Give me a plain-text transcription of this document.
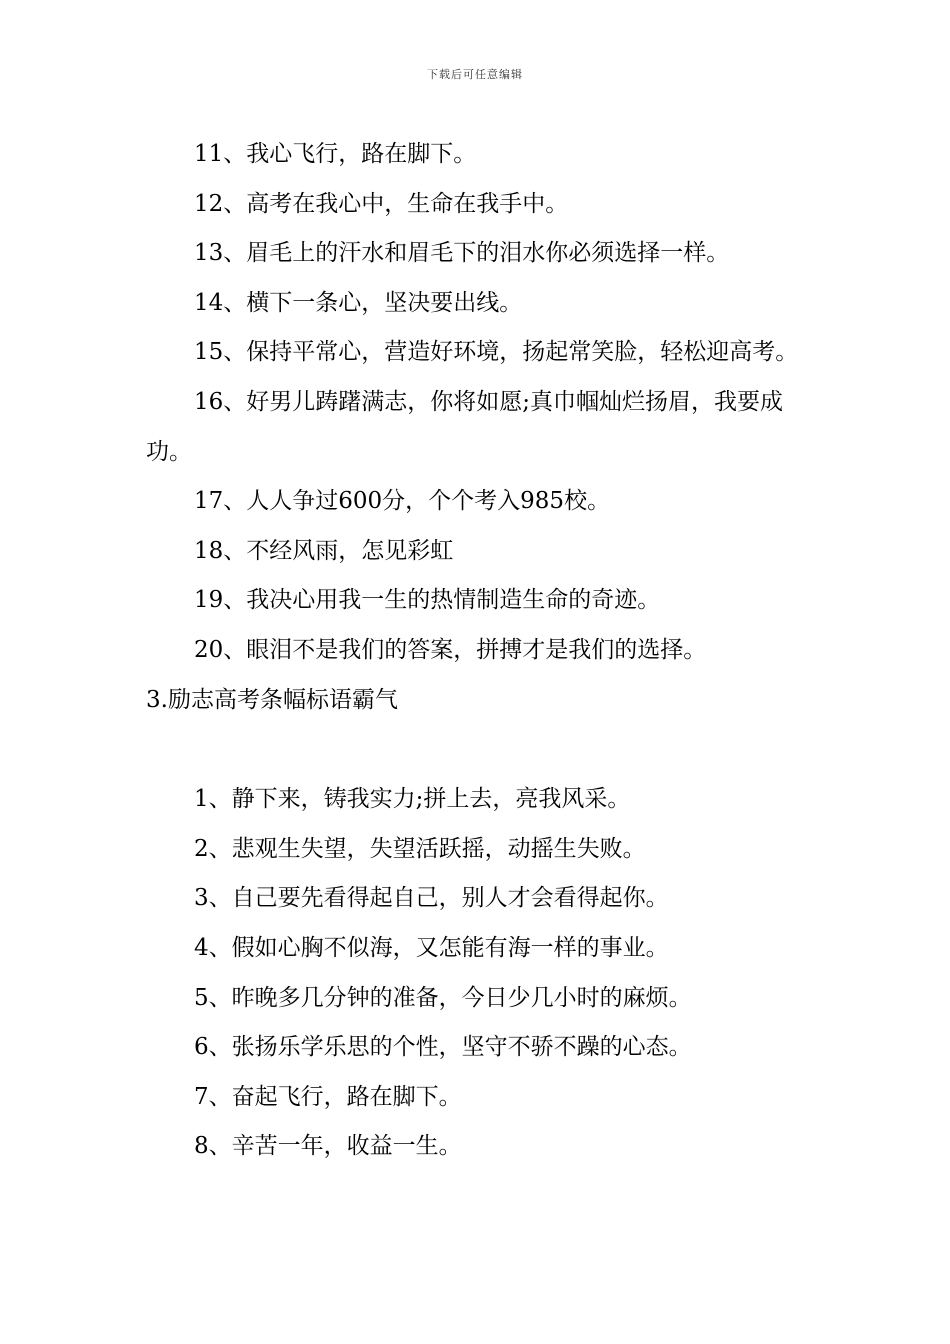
下载后可任意编辑

11、我心飞行，路在脚下。

12、高考在我心中，生命在我手中。

13、眉毛上的汗水和眉毛下的泪水你必须选择一样。

14、横下一条心，坚决要出线。

15、保持平常心，营造好环境，扬起常笑脸，轻松迎高考。

16、好男儿踌躇满志，你将如愿;真巾帼灿烂扬眉，我要成功。

17、人人争过600分，个个考入985校。

18、不经风雨，怎见彩虹

19、我决心用我一生的热情制造生命的奇迹。

20、眼泪不是我们的答案，拼搏才是我们的选择。

3.励志高考条幅标语霸气

1、静下来，铸我实力;拼上去，亮我风采。

2、悲观生失望，失望活跃摇，动摇生失败。

3、自己要先看得起自己，别人才会看得起你。

4、假如心胸不似海，又怎能有海一样的事业。

5、昨晚多几分钟的准备，今日少几小时的麻烦。

6、张扬乐学乐思的个性，坚守不骄不躁的心态。

7、奋起飞行，路在脚下。

8、辛苦一年，收益一生。
